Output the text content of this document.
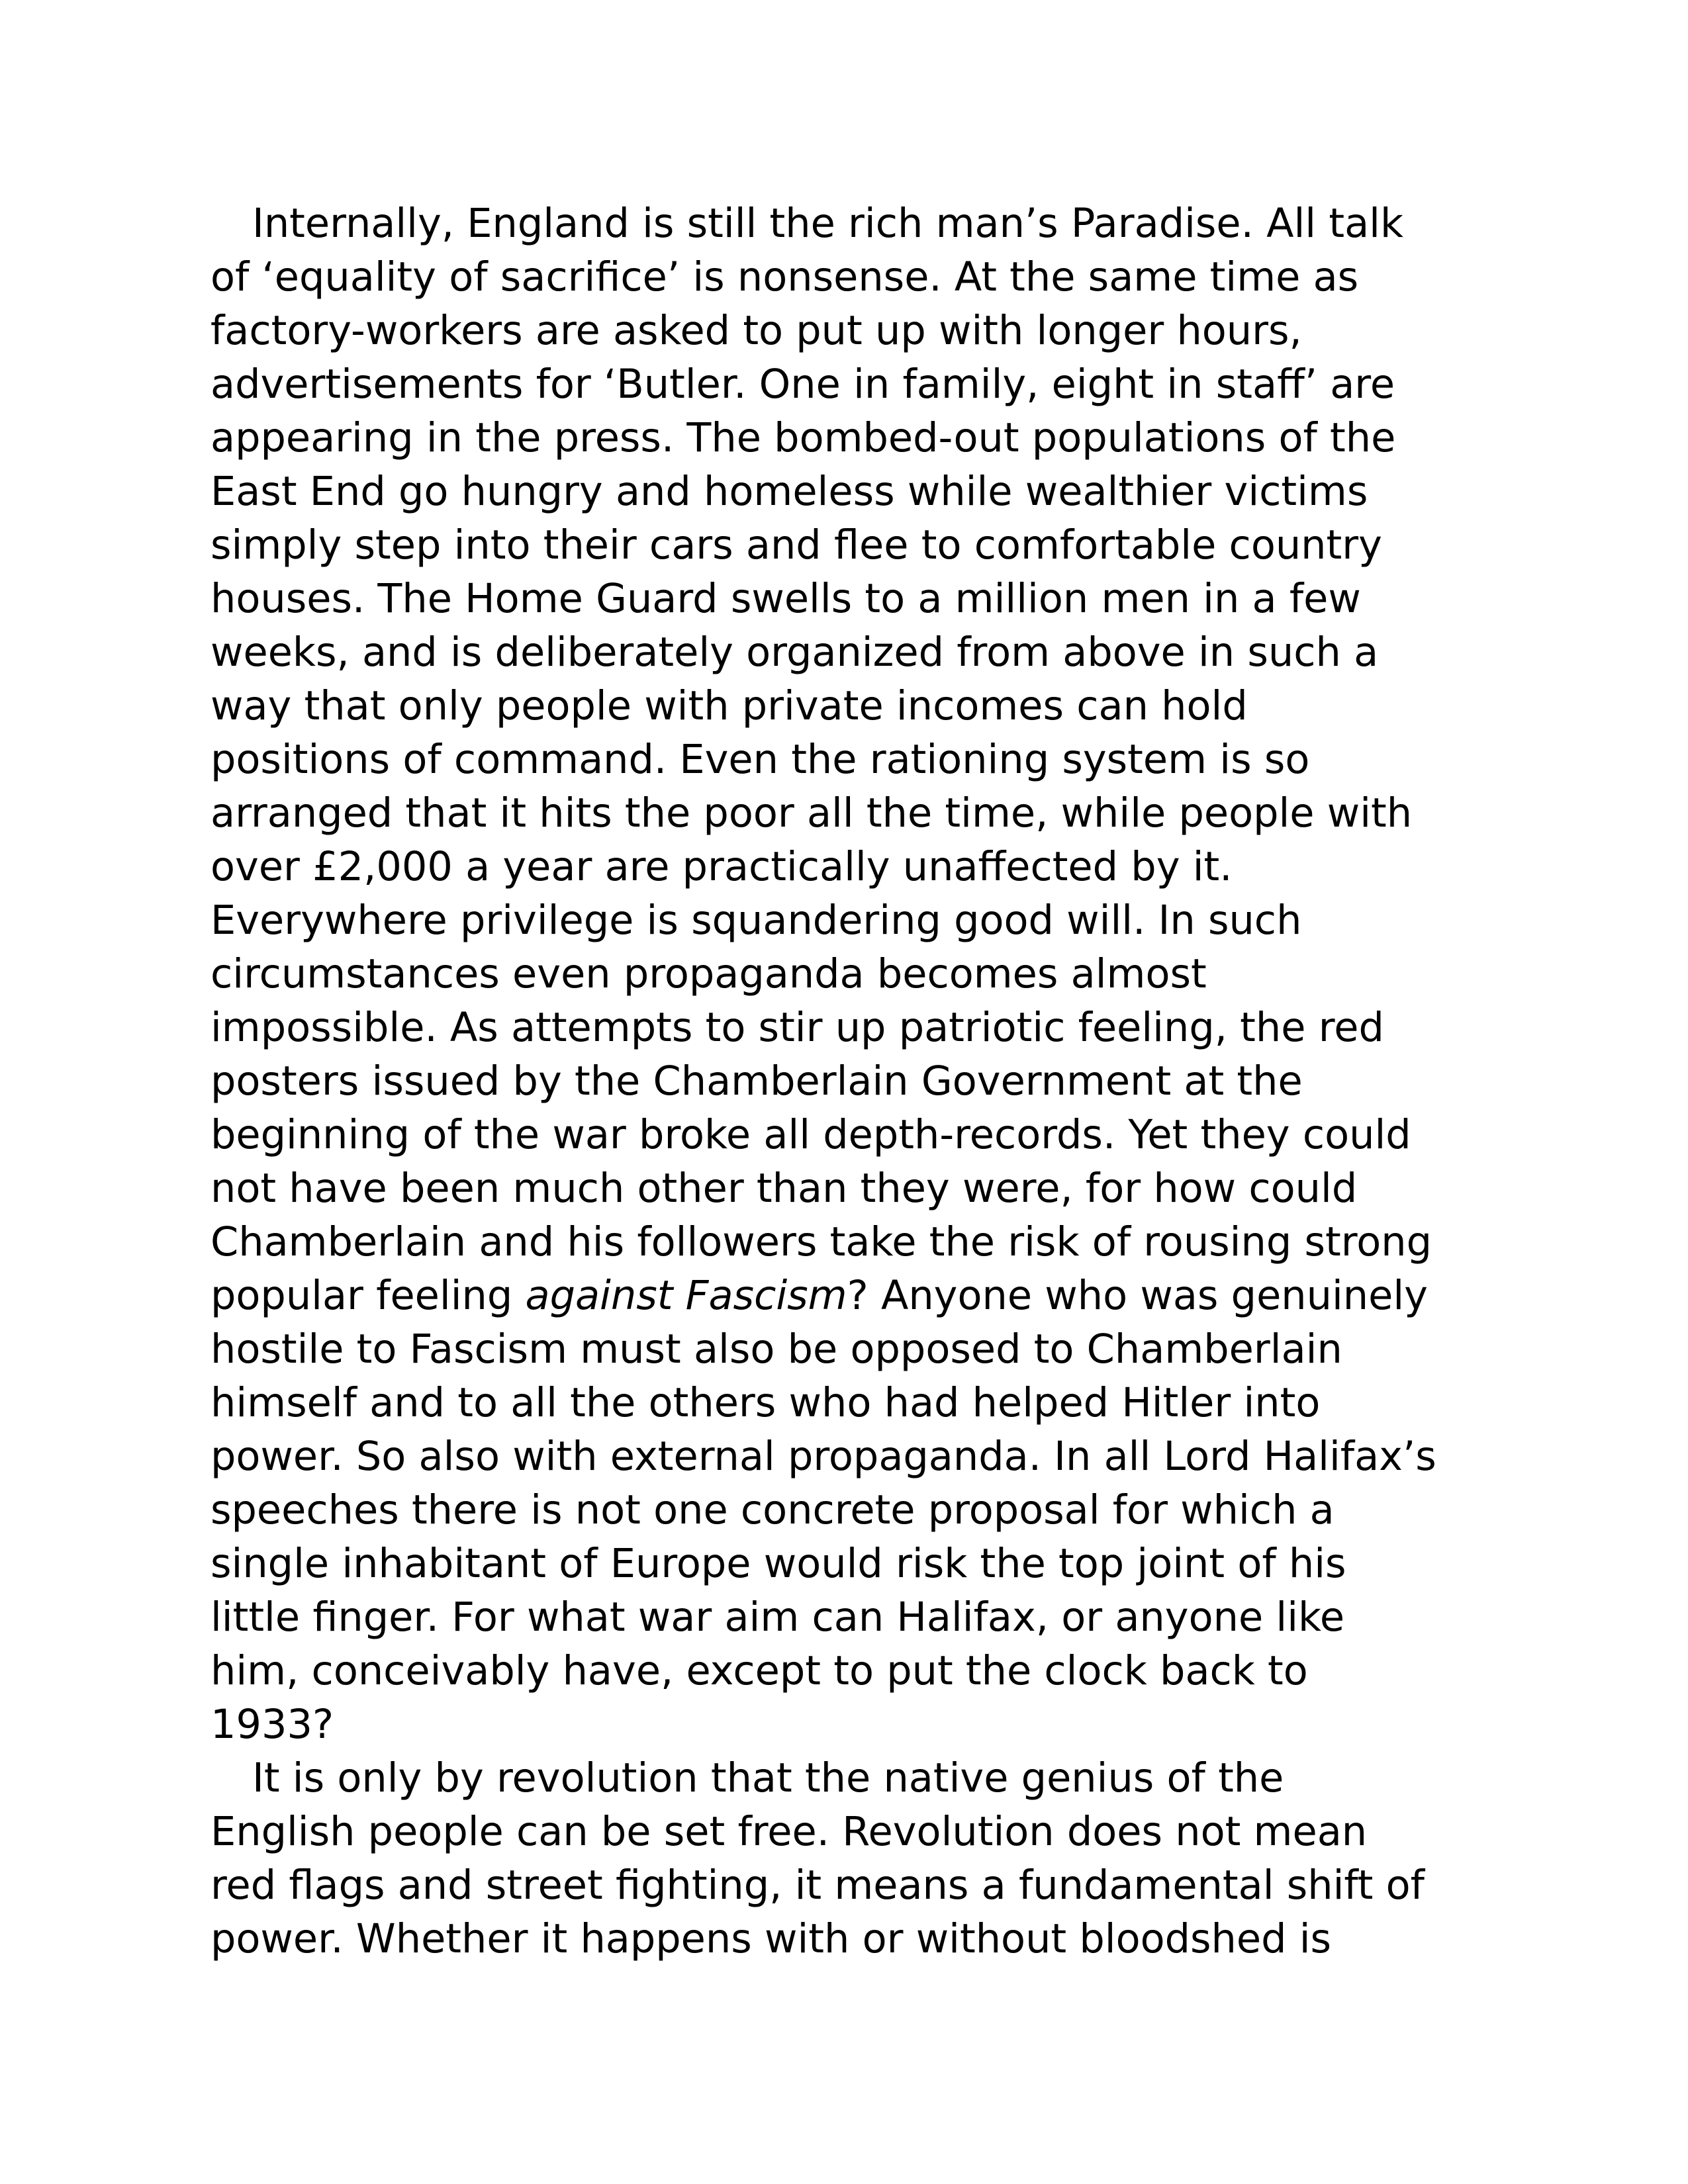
Internally, England is still the rich man’s Paradise. All talk
of ‘equality of sacrifice’ is nonsense. At the same time as
factory-workers are asked to put up with longer hours,
advertisements for ‘Butler. One in family, eight in staff’ are
appearing in the press. The bombed-out populations of the
East End go hungry and homeless while wealthier victims
simply step into their cars and flee to comfortable country
houses. The Home Guard swells to a million men in a few
weeks, and is deliberately organized from above in such a
way that only people with private incomes can hold
positions of command. Even the rationing system is so
arranged that it hits the poor all the time, while people with
over £2,000 a year are practically unaffected by it.
Everywhere privilege is squandering good will. In such
circumstances even propaganda becomes almost
impossible. As attempts to stir up patriotic feeling, the red
posters issued by the Chamberlain Government at the
beginning of the war broke all depth-records. Yet they could
not have been much other than they were, for how could
Chamberlain and his followers take the risk of rousing strong
popular feeling against Fascism? Anyone who was genuinely
hostile to Fascism must also be opposed to Chamberlain
himself and to all the others who had helped Hitler into
power. So also with external propaganda. In all Lord Halifax’s
speeches there is not one concrete proposal for which a
single inhabitant of Europe would risk the top joint of his
little finger. For what war aim can Halifax, or anyone like
him, conceivably have, except to put the clock back to
1933?
It is only by revolution that the native genius of the
English people can be set free. Revolution does not mean
red flags and street fighting, it means a fundamental shift of
power. Whether it happens with or without bloodshed is
